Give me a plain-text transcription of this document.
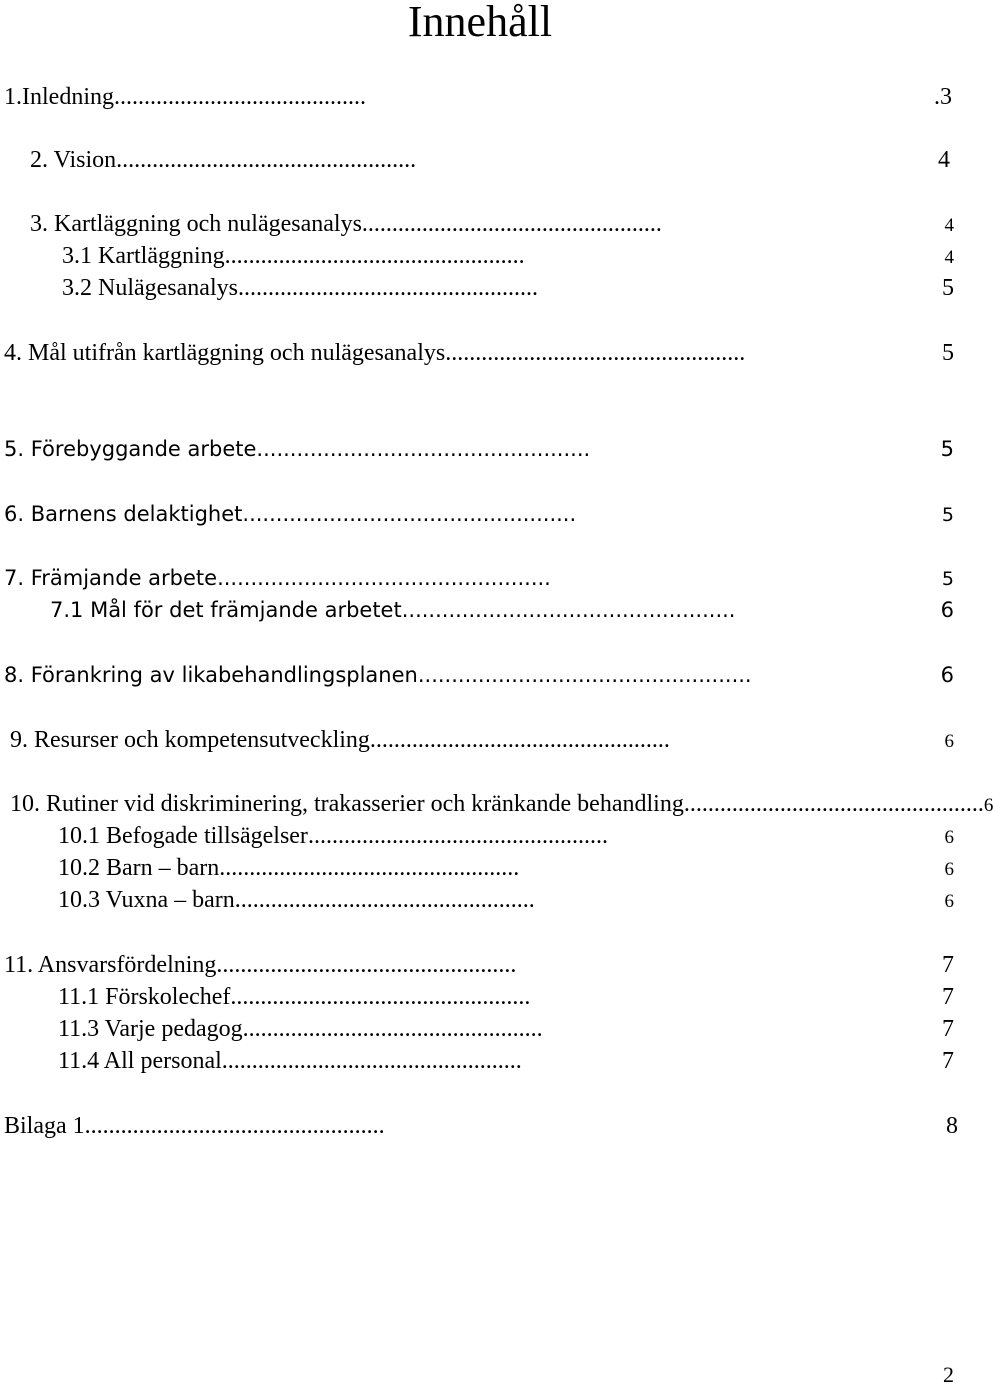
Innehåll
1.Inledning ..........................................	.3
2. Vision ..................................................	4
3. Kartläggning och nulägesanalys ..................................................	4
3.1 Kartläggning ..................................................	4
3.2 Nulägesanalys ..................................................	5
4. Mål utifrån kartläggning och nulägesanalys ..................................................	5
5. Förebyggande arbete ..................................................	5
6. Barnens delaktighet ..................................................	5
7. Främjande arbete ..................................................	5
7.1 Mål för det främjande arbetet ..................................................	6
8. Förankring av likabehandlingsplanen ..................................................	6
9. Resurser och kompetensutveckling ..................................................	6
10. Rutiner vid diskriminering, trakasserier och kränkande behandling .................................................. 6
10.1 Befogade tillsägelser ..................................................	6
10.2 Barn – barn ..................................................	6
10.3 Vuxna – barn ..................................................	6
11. Ansvarsfördelning ..................................................	7
11.1 Förskolechef ..................................................	7
11.3 Varje pedagog ..................................................	7
11.4 All personal ..................................................	7
Bilaga 1 ..................................................	8
2
